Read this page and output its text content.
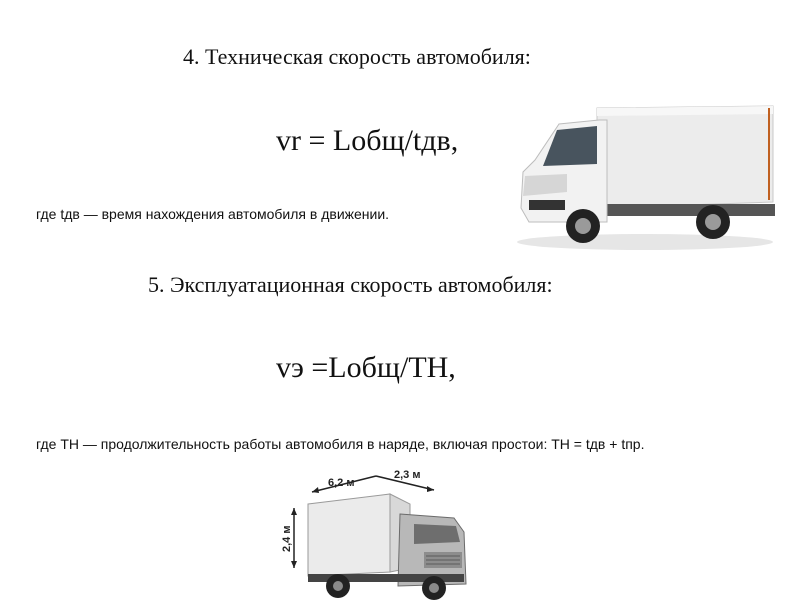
4. Техническая скорость автомобиля:
vr = Lобщ/tдв,
где tдв — время нахождения автомобиля в движении.
5. Эксплуатационная скорость автомобиля:
vэ =Lобщ/TH,
где TH — продолжительность работы автомобиля в наряде, включая простои: TH = tдв + tпр.
6,2 м
2,3 м
2,4 м
